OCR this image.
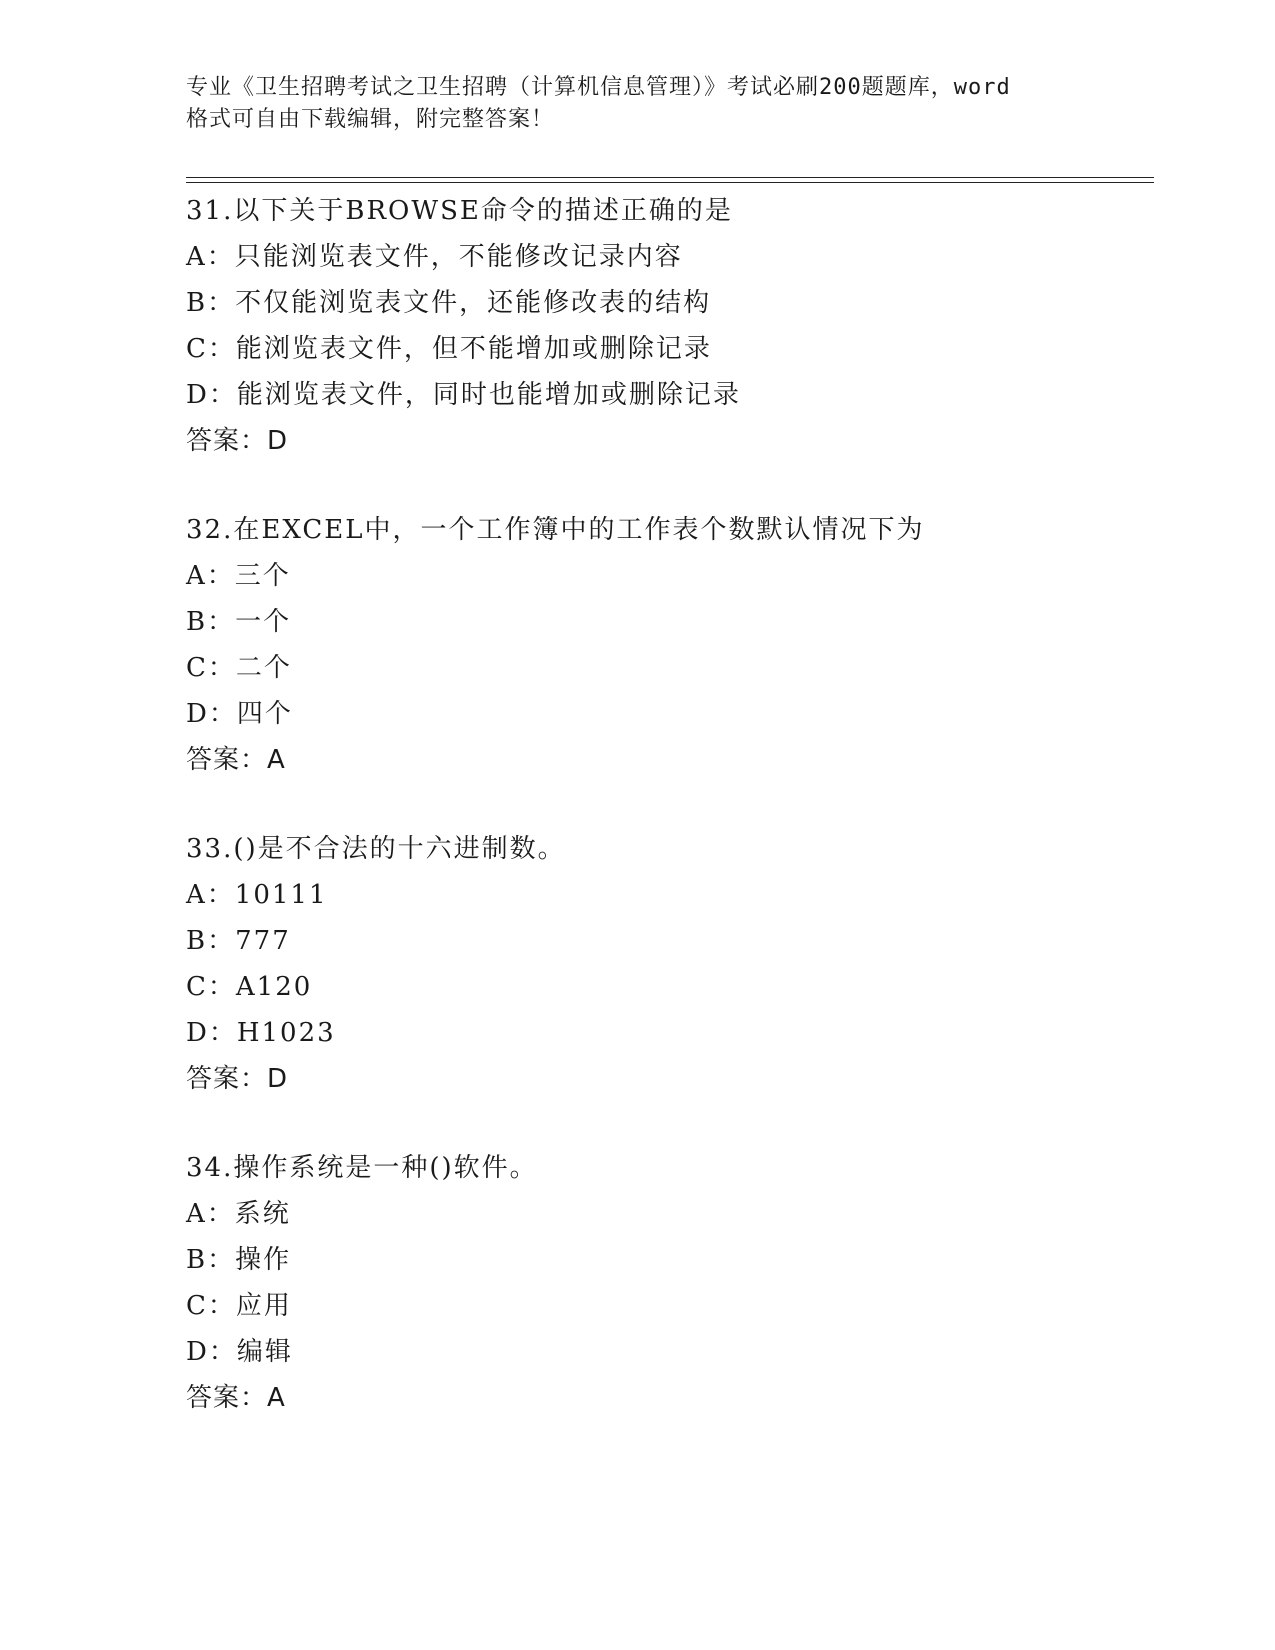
专业《卫生招聘考试之卫生招聘（计算机信息管理）》考试必刷200题题库，word
格式可自由下载编辑，附完整答案！
31.以下关于BROWSE命令的描述正确的是
A：只能浏览表文件，不能修改记录内容
B：不仅能浏览表文件，还能修改表的结构
C：能浏览表文件，但不能增加或删除记录
D：能浏览表文件，同时也能增加或删除记录
答案：D
32.在EXCEL中，一个工作簿中的工作表个数默认情况下为
A：三个
B：一个
C：二个
D：四个
答案：A
33.()是不合法的十六进制数。
A：10111
B：777
C：A120
D：H1023
答案：D
34.操作系统是一种()软件。
A：系统
B：操作
C：应用
D：编辑
答案：A
